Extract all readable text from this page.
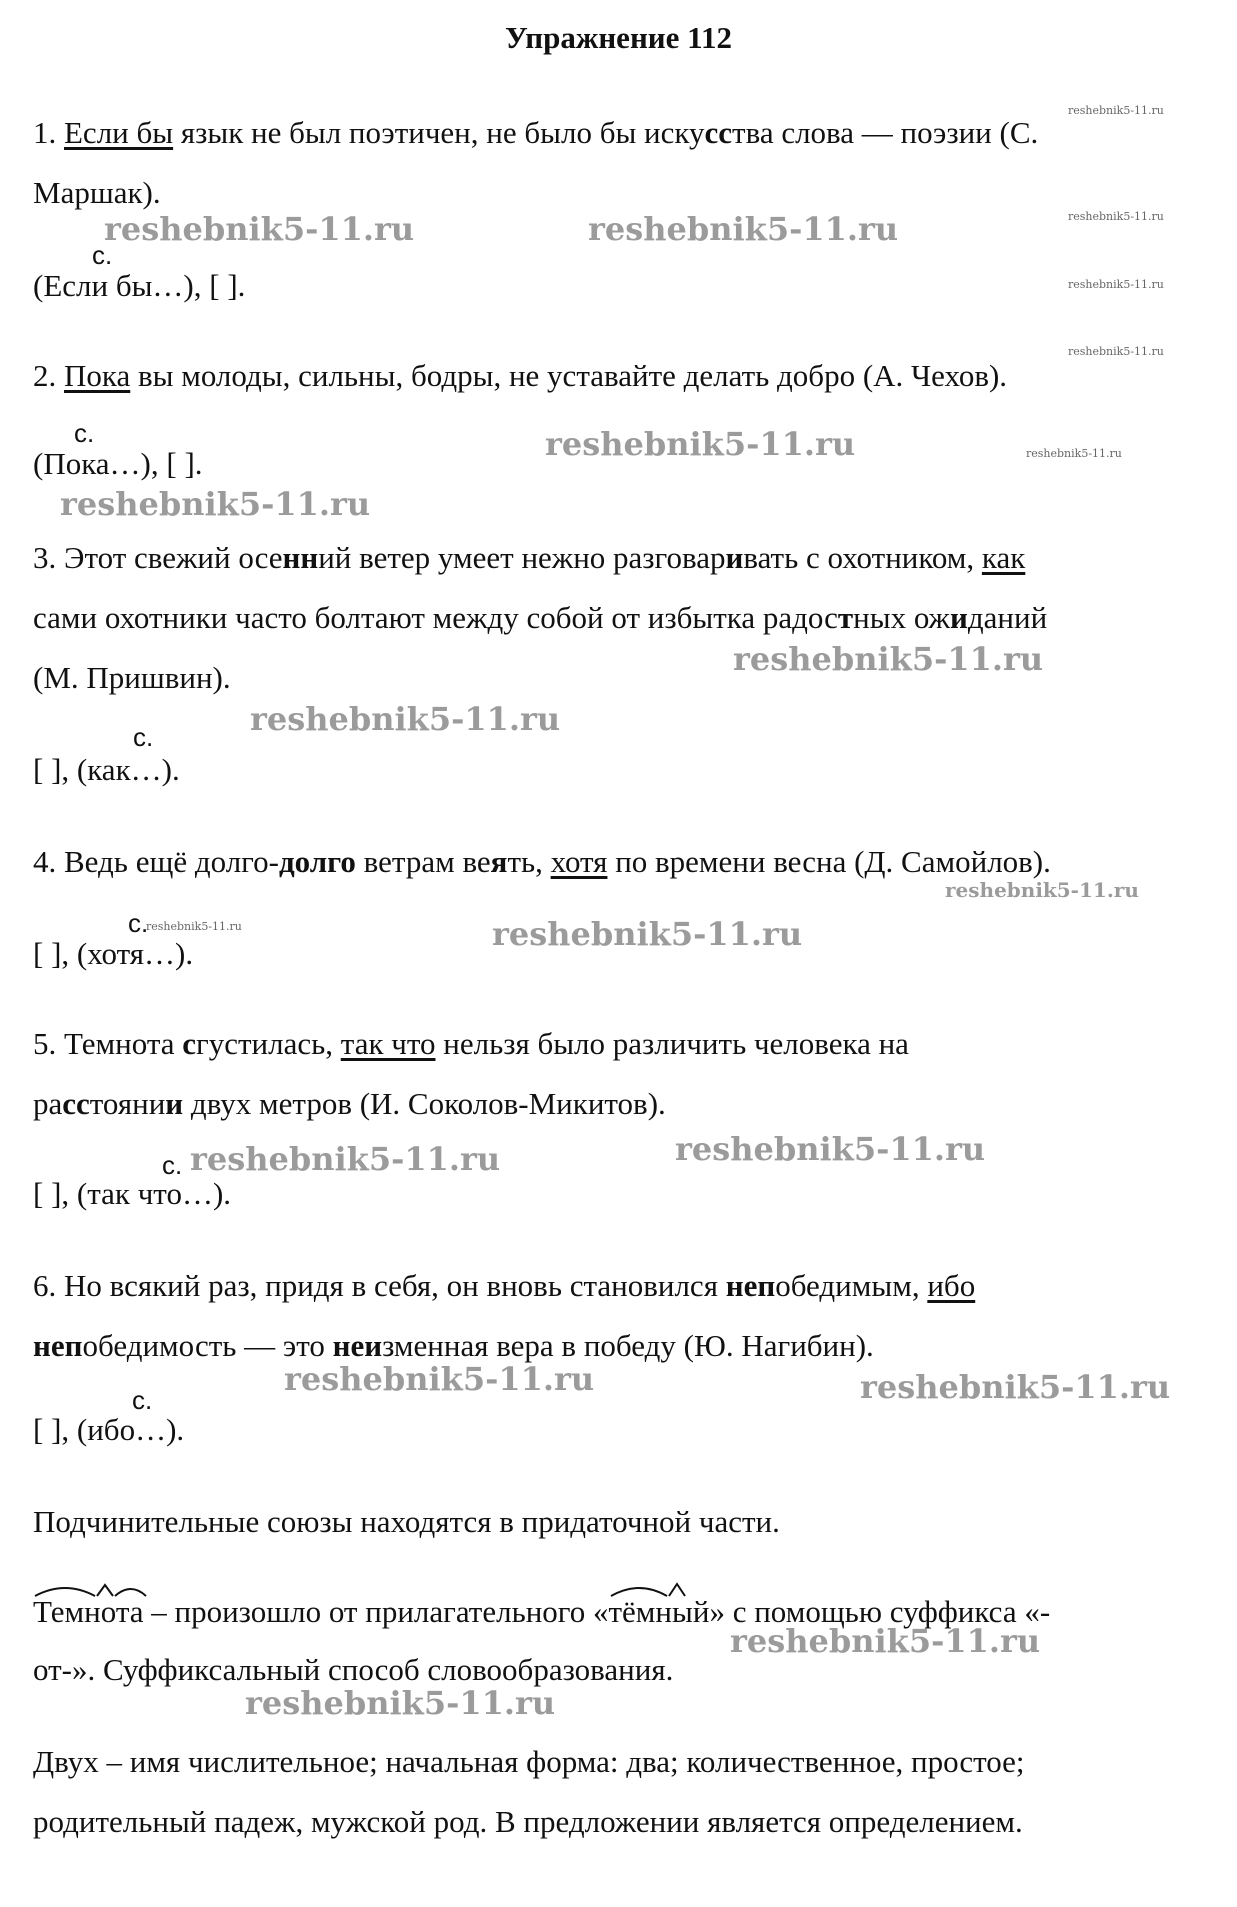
Упражнение 112
1. Если бы язык не был поэтичен, не было бы искусства слова — поэзии (С.
Маршак).
с.
(Если бы…), [ ].
2. Пока вы молоды, сильны, бодры, не уставайте делать добро (А. Чехов).
с.
(Пока…), [ ].
3. Этот свежий осенний ветер умеет нежно разговаривать с охотником, как
сами охотники часто болтают между собой от избытка радостных ожиданий
(М. Пришвин).
с.
[ ], (как…).
4. Ведь ещё долго-долго ветрам веять, хотя по времени весна (Д. Самойлов).
с.
[ ], (хотя…).
5. Темнота сгустилась, так что нельзя было различить человека на
расстоянии двух метров (И. Соколов-Микитов).
с.
[ ], (так что…).
6. Но всякий раз, придя в себя, он вновь становился непобедимым, ибо
непобедимость — это неизменная вера в победу (Ю. Нагибин).
с.
[ ], (ибо…).
Подчинительные союзы находятся в придаточной части.
Темнота – произошло от прилагательного «
тёмный» с помощью суффикса «-
от-». Суффиксальный способ словообразования.
Двух – имя числительное; начальная форма: два; количественное, простое;
родительный падеж, мужской род. В предложении является определением.
reshebnik5-11.ru	reshebnik5-11.ru
reshebnik5-11.ru
reshebnik5-11.ru
reshebnik5-11.ru
reshebnik5-11.ru
reshebnik5-11.ru
reshebnik5-11.ru	reshebnik5-11.ru
reshebnik5-11.ru	reshebnik5-11.ru
reshebnik5-11.ru
reshebnik5-11.ru
reshebnik5-11.ru
reshebnik5-11.ru
reshebnik5-11.ru
reshebnik5-11.ru
reshebnik5-11.ru
reshebnik5-11.ru
reshebnik5-11.ru
